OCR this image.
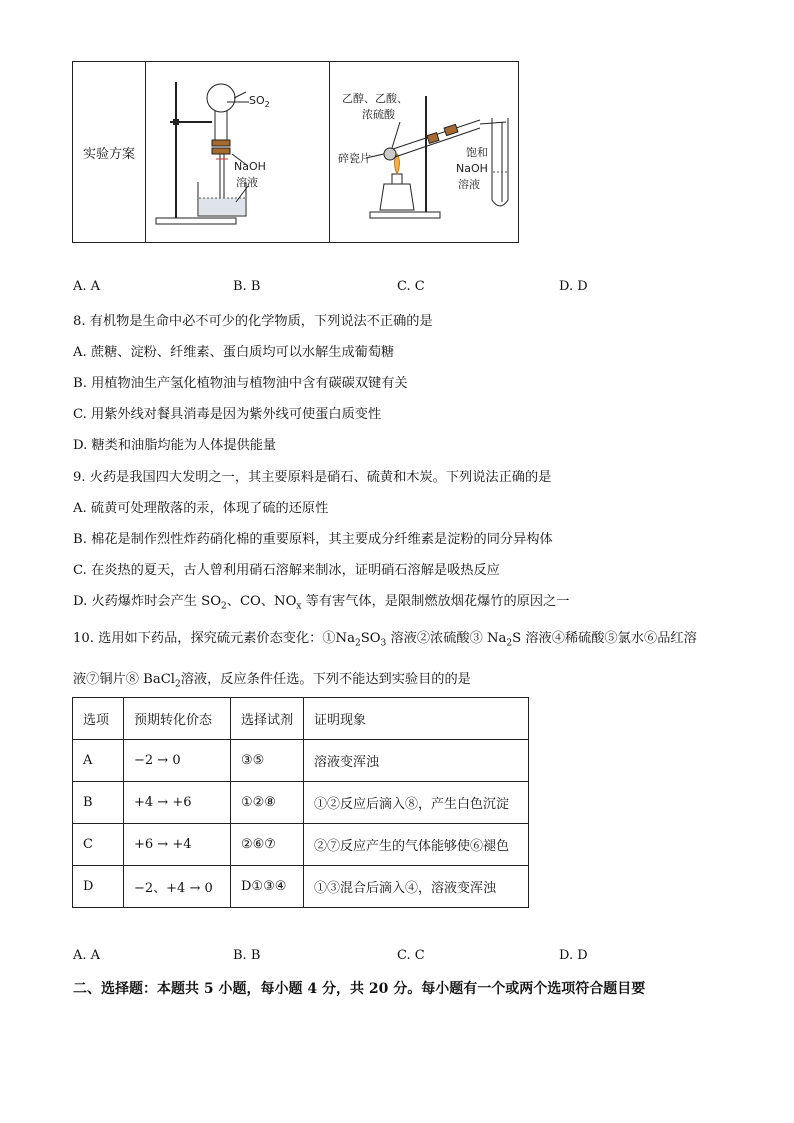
实验方案	
$SO_2$
NaOH
溶液

乙醇、乙酸、
浓硫酸
碎瓷片	饱和
NaOH
溶液
A. A	B. B	C. C	D. D
8. 有机物是生命中必不可少的化学物质，下列说法不正确的是
A. 蔗糖、淀粉、纤维素、蛋白质均可以水解生成葡萄糖
B. 用植物油生产氢化植物油与植物油中含有碳碳双键有关
C. 用紫外线对餐具消毒是因为紫外线可使蛋白质变性
D. 糖类和油脂均能为人体提供能量
9. 火药是我国四大发明之一，其主要原料是硝石、硫黄和木炭。下列说法正确的是
A. 硫黄可处理散落的汞，体现了硫的还原性
B. 棉花是制作烈性炸药硝化棉的重要原料，其主要成分纤维素是淀粉的同分异构体
C. 在炎热的夏天，古人曾利用硝石溶解来制冰，证明硝石溶解是吸热反应
D. 火药爆炸时会产生 $SO_2$、CO、$NO_x$ 等有害气体，是限制燃放烟花爆竹的原因之一
10. 选用如下药品，探究硫元素价态变化：$①Na_2SO_3$ 溶液②浓硫酸③ $Na_2S$ 溶液④稀硫酸⑤氯水⑥品红溶
液⑦铜片⑧ BaCl$_2$溶液，反应条件任选。下列不能达到实验目的的是
选项	预期转化价态	选择试剂	证明现象
A	−2 → 0	③⑤	溶液变浑浊
B	+4 → +6	①②⑧	①②反应后滴入⑧，产生白色沉淀
C	+6 → +4	②⑥⑦	②⑦反应产生的气体能够使⑥褪色
D	−2、+4 → 0	D①③④	①③混合后滴入④，溶液变浑浊
A. A	B. B	C. C	D. D
二、选择题：本题共 5 小题，每小题 4 分，共 20 分。每小题有一个或两个选项符合题目要
